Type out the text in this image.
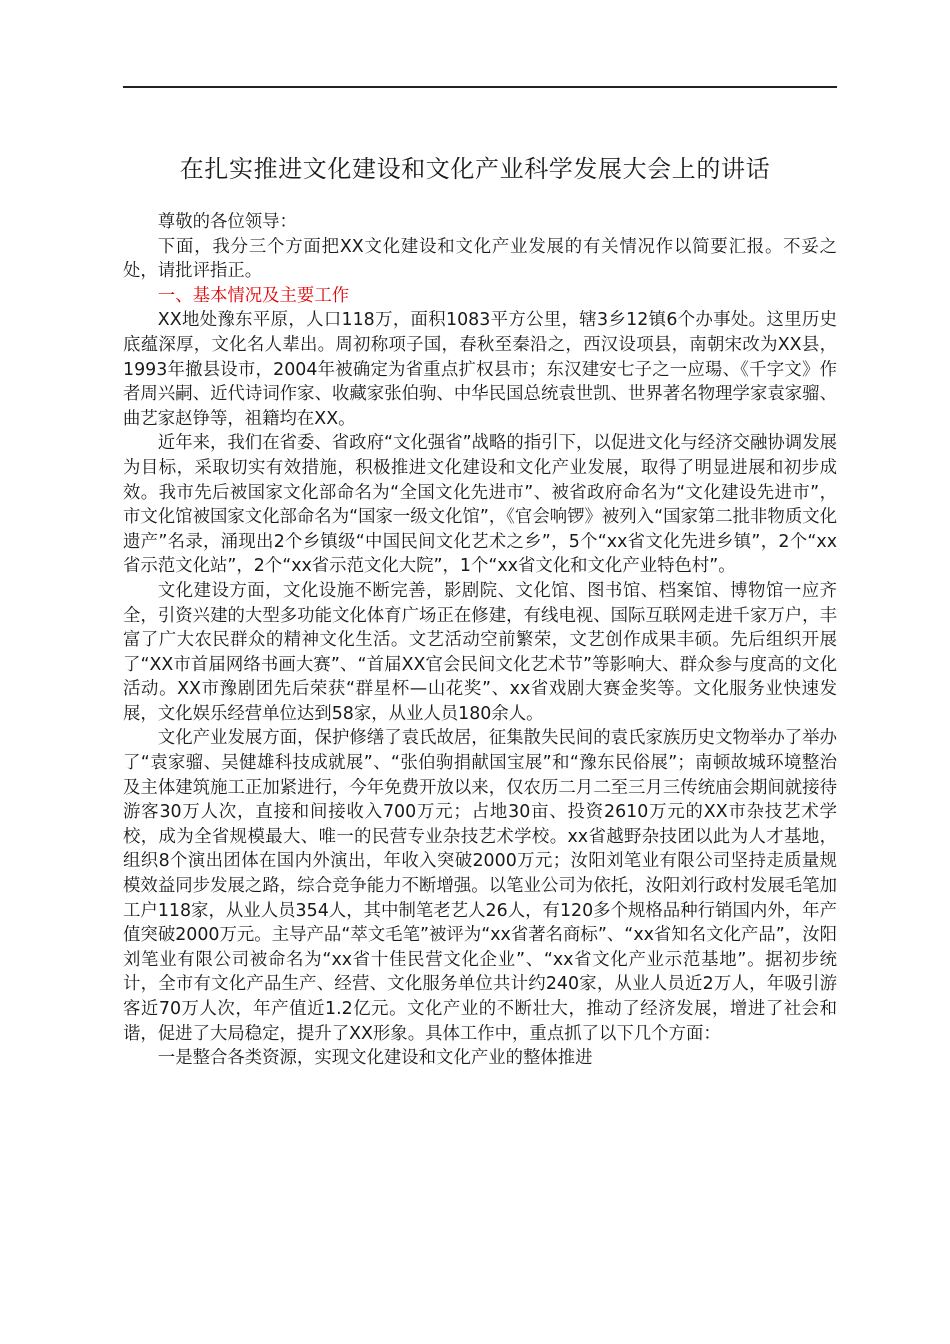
在扎实推进文化建设和文化产业科学发展大会上的讲话

尊敬的各位领导：

下面，我分三个方面把XX文化建设和文化产业发展的有关情况作以简要汇报。不妥之处，请批评指正。

一、基本情况及主要工作

XX地处豫东平原，人口118万，面积1083平方公里，辖3乡12镇6个办事处。这里历史底蕴深厚，文化名人辈出。周初称项子国，春秋至秦沿之，西汉设项县，南朝宋改为XX县，1993年撤县设市，2004年被确定为省重点扩权县市；东汉建安七子之一应瑒、《千字文》作者周兴嗣、近代诗词作家、收藏家张伯驹、中华民国总统袁世凯、世界著名物理学家袁家骝、曲艺家赵铮等，祖籍均在XX。

近年来，我们在省委、省政府“文化强省”战略的指引下，以促进文化与经济交融协调发展为目标，采取切实有效措施，积极推进文化建设和文化产业发展，取得了明显进展和初步成效。我市先后被国家文化部命名为“全国文化先进市”、被省政府命名为“文化建设先进市”，市文化馆被国家文化部命名为“国家一级文化馆”，《官会响锣》被列入“国家第二批非物质文化遗产”名录，涌现出2个乡镇级“中国民间文化艺术之乡”，5个“xx省文化先进乡镇”，2个“xx省示范文化站”，2个“xx省示范文化大院”，1个“xx省文化和文化产业特色村”。

文化建设方面，文化设施不断完善，影剧院、文化馆、图书馆、档案馆、博物馆一应齐全，引资兴建的大型多功能文化体育广场正在修建，有线电视、国际互联网走进千家万户，丰富了广大农民群众的精神文化生活。文艺活动空前繁荣，文艺创作成果丰硕。先后组织开展了“XX市首届网络书画大赛”、“首届XX官会民间文化艺术节”等影响大、群众参与度高的文化活动。XX市豫剧团先后荣获“群星杯—山花奖”、xx省戏剧大赛金奖等。文化服务业快速发展，文化娱乐经营单位达到58家，从业人员180余人。

文化产业发展方面，保护修缮了袁氏故居，征集散失民间的袁氏家族历史文物举办了举办了“袁家骝、吴健雄科技成就展”、“张伯驹捐献国宝展”和“豫东民俗展”；南顿故城环境整治及主体建筑施工正加紧进行，今年免费开放以来，仅农历二月二至三月三传统庙会期间就接待游客30万人次，直接和间接收入700万元；占地30亩、投资2610万元的XX市杂技艺术学校，成为全省规模最大、唯一的民营专业杂技艺术学校。xx省越野杂技团以此为人才基地，组织8个演出团体在国内外演出，年收入突破2000万元；汝阳刘笔业有限公司坚持走质量规模效益同步发展之路，综合竞争能力不断增强。以笔业公司为依托，汝阳刘行政村发展毛笔加工户118家，从业人员354人，其中制笔老艺人26人，有120多个规格品种行销国内外，年产值突破2000万元。主导产品“萃文毛笔”被评为“xx省著名商标”、“xx省知名文化产品”，汝阳刘笔业有限公司被命名为“xx省十佳民营文化企业”、“xx省文化产业示范基地”。据初步统计，全市有文化产品生产、经营、文化服务单位共计约240家，从业人员近2万人，年吸引游客近70万人次，年产值近1.2亿元。文化产业的不断壮大，推动了经济发展，增进了社会和谐，促进了大局稳定，提升了XX形象。具体工作中，重点抓了以下几个方面：

一是整合各类资源，实现文化建设和文化产业的整体推进
